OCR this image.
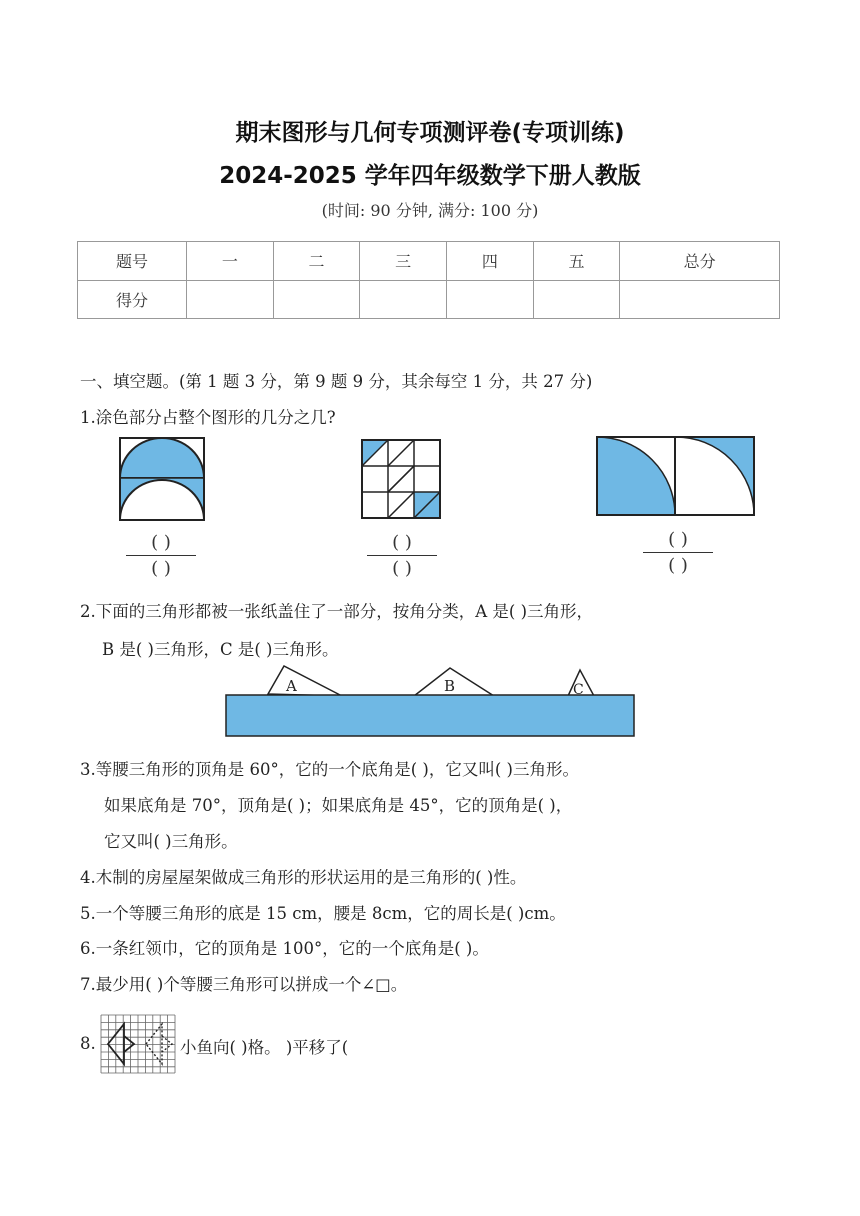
期末图形与几何专项测评卷(专项训练)
2024-2025 学年四年级数学下册人教版
(时间: 90 分钟, 满分: 100 分)
题号	一	二	三	四	五	总分
得分						
一、填空题。(第 1 题 3 分，第 9 题 9 分，其余每空 1 分，共 27 分)
1.涂色部分占整个图形的几分之几?
( )
( )
( )
( )
( )
( )
2.下面的三角形都被一张纸盖住了一部分，按角分类，A 是( )三角形，
B 是( )三角形，C 是( )三角形。
A	B	C
3.等腰三角形的顶角是 60°，它的一个底角是( )，它又叫( )三角形。
如果底角是 70°，顶角是( )；如果底角是 45°，它的顶角是( )，
它又叫( )三角形。
4.木制的房屋屋架做成三角形的形状运用的是三角形的( )性。
5.一个等腰三角形的底是 15 cm，腰是 8cm，它的周长是( )cm。
6.一条红领巾，它的顶角是 100°，它的一个底角是( )。
7.最少用( )个等腰三角形可以拼成一个∠□。
8.	小鱼向( )格。 )平移了(
